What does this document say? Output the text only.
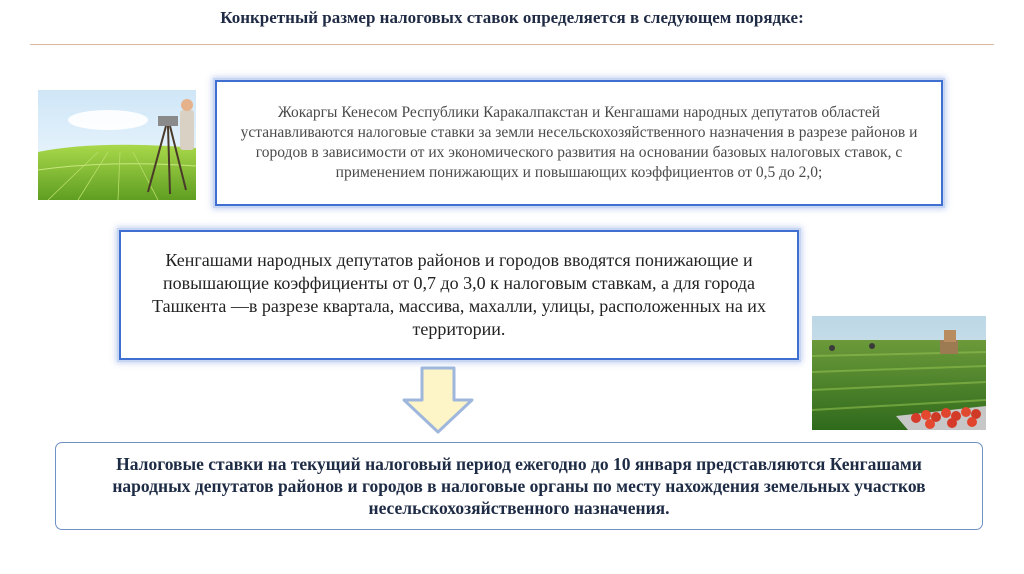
Конкретный размер налоговых ставок определяется в следующем порядке:
Жокаргы Кенесом Республики Каракалпакстан и Кенгашами народных депутатов областей устанавливаются налоговые ставки за земли несельскохозяйственного назначения в разрезе районов и городов в зависимости от их экономического развития на основании базовых налоговых ставок, с применением понижающих и повышающих коэффициентов от 0,5 до 2,0;
Кенгашами народных депутатов районов и городов вводятся понижающие и повышающие коэффициенты от 0,7 до 3,0 к налоговым ставкам, а для города Ташкента —в разрезе квартала, массива, махалли, улицы, расположенных на их территории.
Налоговые ставки на текущий налоговый период ежегодно до 10 января представляются Кенгашами народных депутатов районов и городов в налоговые органы по месту нахождения земельных участков несельскохозяйственного назначения.
